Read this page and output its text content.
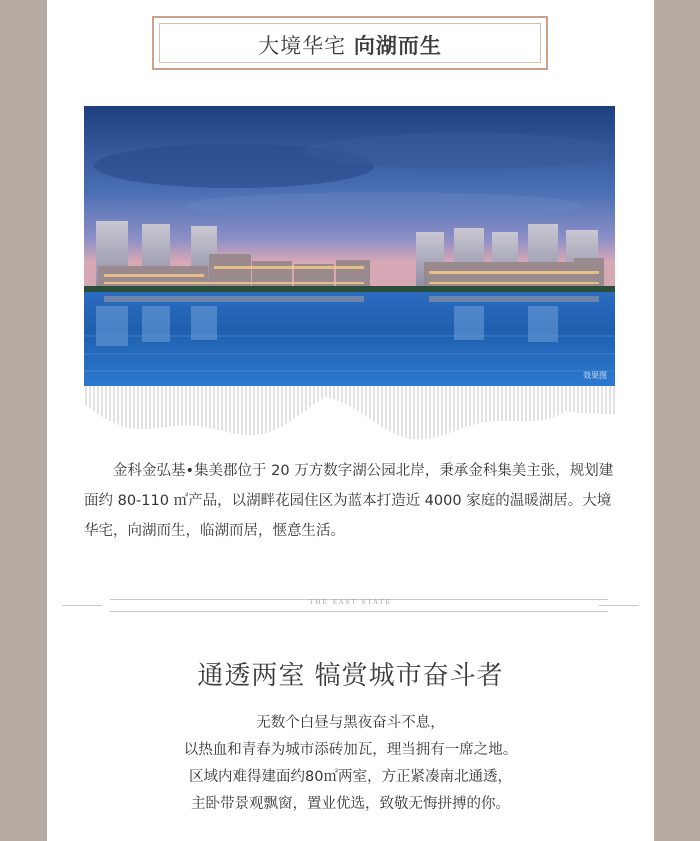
大境华宅 向湖而生
效果图
金科金弘基•集美郡位于 20 万方数字湖公园北岸，秉承金科集美主张，规划建面约 80-110 ㎡产品，以湖畔花园住区为蓝本打造近 4000 家庭的温暖湖居。大境华宅，向湖而生，临湖而居，惬意生活。
THE EAST STATE
通透两室 犒赏城市奋斗者
无数个白昼与黑夜奋斗不息，
以热血和青春为城市添砖加瓦，理当拥有一席之地。
区域内难得建面约80㎡两室，方正紧凑南北通透，
主卧带景观飘窗，置业优选，致敬无悔拼搏的你。
